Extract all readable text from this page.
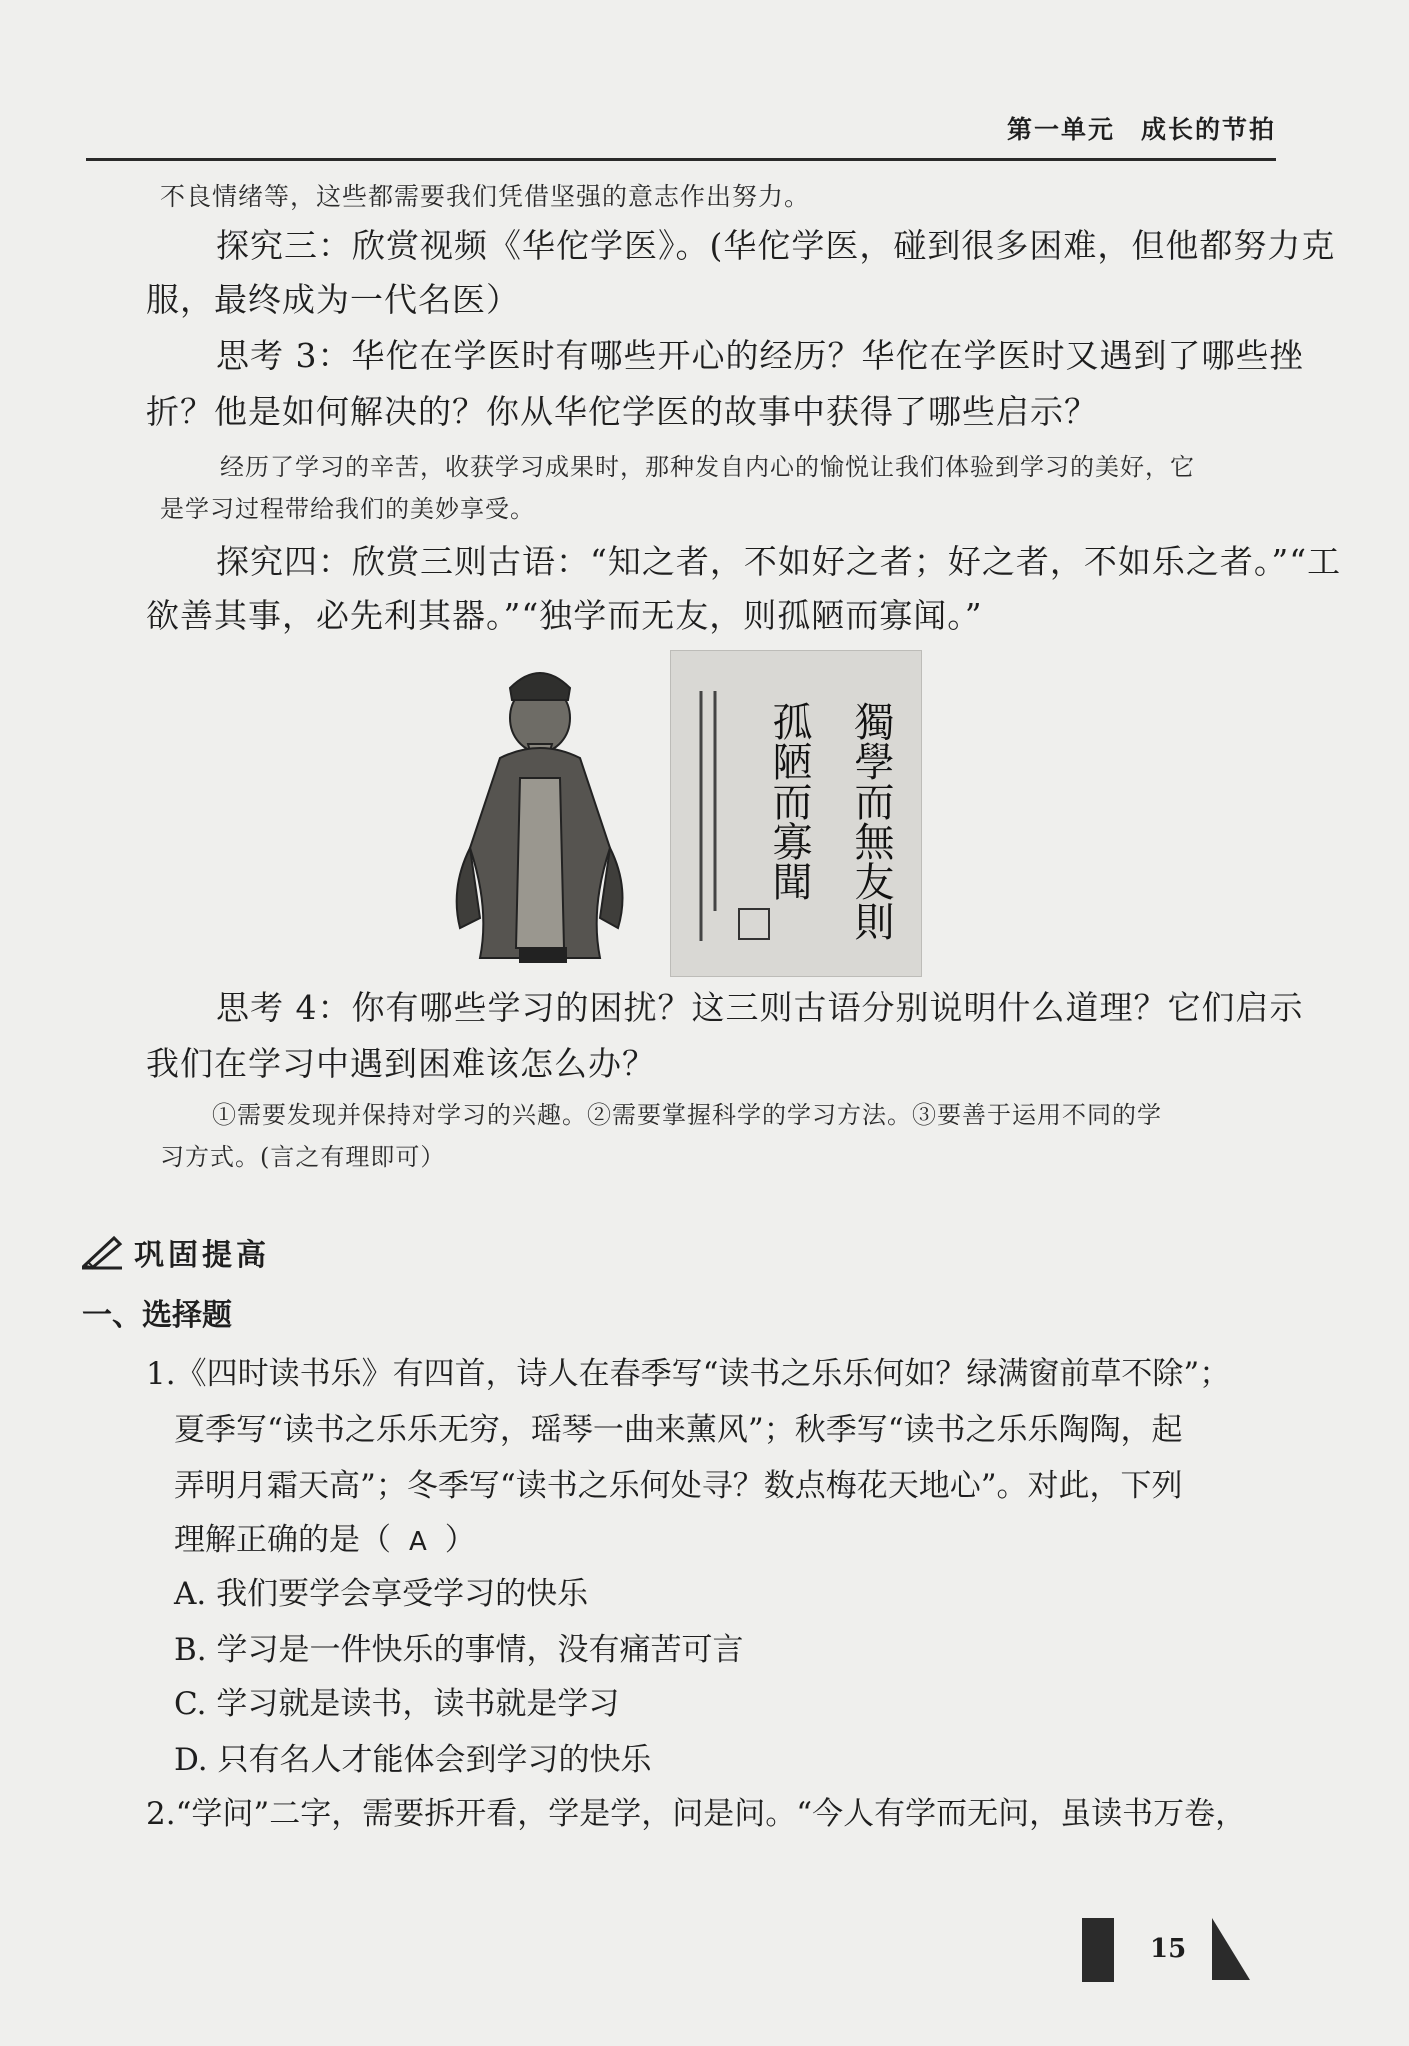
第一单元 成长的节拍

不良情绪等，这些都需要我们凭借坚强的意志作出努力。

探究三：欣赏视频《华佗学医》。(华佗学医，碰到很多困难，但他都努力克

服，最终成为一代名医）

思考 3：华佗在学医时有哪些开心的经历？华佗在学医时又遇到了哪些挫

折？他是如何解决的？你从华佗学医的故事中获得了哪些启示？

经历了学习的辛苦，收获学习成果时，那种发自内心的愉悦让我们体验到学习的美好，它

是学习过程带给我们的美妙享受。

探究四：欣赏三则古语：“知之者，不如好之者；好之者，不如乐之者。”“工

欲善其事，必先利其器。”“独学而无友，则孤陋而寡闻。”

獨學而無友則
孤陋而寡聞

思考 4：你有哪些学习的困扰？这三则古语分别说明什么道理？它们启示

我们在学习中遇到困难该怎么办？

①需要发现并保持对学习的兴趣。②需要掌握科学的学习方法。③要善于运用不同的学

习方式。(言之有理即可）

巩固提高
一、选择题

1.《四时读书乐》有四首，诗人在春季写“读书之乐乐何如？绿满窗前草不除”；

夏季写“读书之乐乐无穷，瑶琴一曲来薰风”；秋季写“读书之乐乐陶陶，起

弄明月霜天高”；冬季写“读书之乐何处寻？数点梅花天地心”。对此，下列

理解正确的是（ A ）

A. 我们要学会享受学习的快乐

B. 学习是一件快乐的事情，没有痛苦可言

C. 学习就是读书，读书就是学习

D. 只有名人才能体会到学习的快乐

2.“学问”二字，需要拆开看，学是学，问是问。“今人有学而无问，虽读书万卷，

15
